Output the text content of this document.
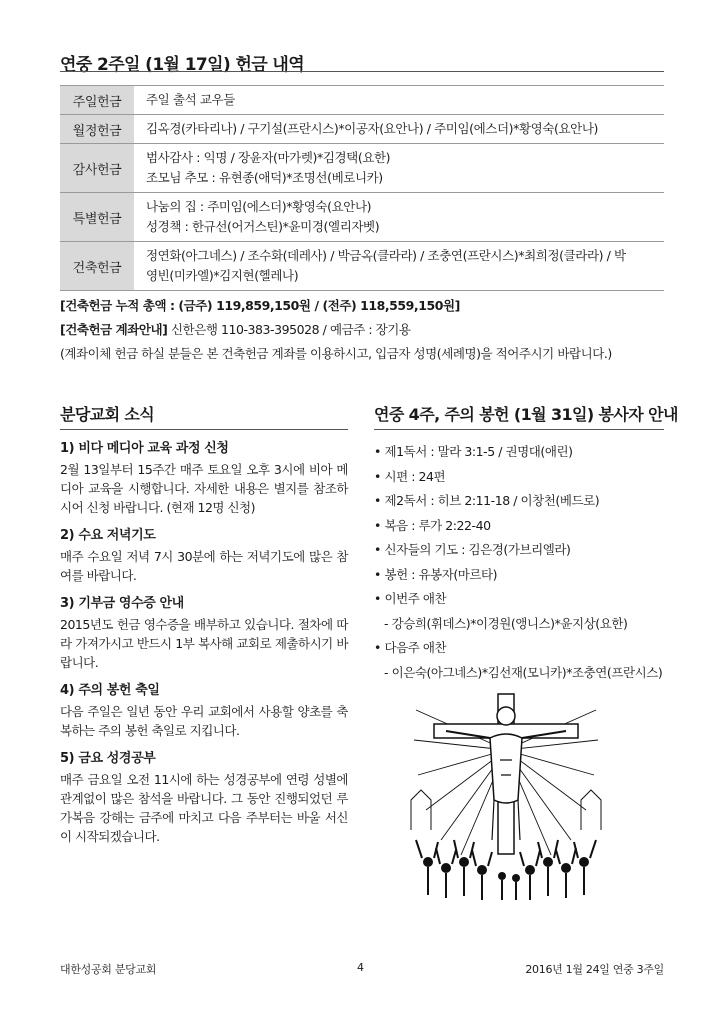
연중 2주일 (1월 17일) 헌금 내역
주일헌금	주일 출석 교우들

월정헌금	김옥경(카타리나) / 구기설(프란시스)*이공자(요안나) / 주미임(에스더)*황영숙(요안나)

감사헌금	범사감사 : 익명 / 장윤자(마가렛)*김경택(요한)
조모님 추모 : 유현종(애덕)*조명선(베로니카)

특별헌금	나눔의 집 : 주미임(에스더)*황영숙(요안나)
성경책 : 한규선(어거스틴)*윤미경(엘리자벳)

건축헌금	정연화(아그네스) / 조수화(데레사) / 박금옥(클라라) / 조충연(프란시스)*최희정(클라라) / 박
영빈(미카엘)*김지현(헬레나)
[건축헌금 누적 총액 : (금주) 119,859,150원 / (전주) 118,559,150원]
[건축헌금 계좌안내] 신한은행 110-383-395028 / 예금주 : 장기용
(계좌이체 헌금 하실 분들은 본 건축헌금 계좌를 이용하시고, 입금자 성명(세례명)을 적어주시기 바랍니다.)
분당교회 소식
1) 비다 메디아 교육 과정 신청
2월 13일부터 15주간 매주 토요일 오후 3시에 비아 메디아 교육을 시행합니다. 자세한 내용은 별지를 참조하시어 신청 바랍니다. (현재 12명 신청)
2) 수요 저녁기도
매주 수요일 저녁 7시 30분에 하는 저녁기도에 많은 참여를 바랍니다.
3) 기부금 영수증 안내
2015년도 헌금 영수증을 배부하고 있습니다. 절차에 따라 가져가시고 반드시 1부 복사해 교회로 제출하시기 바랍니다.
4) 주의 봉헌 축일
다음 주일은 일년 동안 우리 교회에서 사용할 양초를 축복하는 주의 봉헌 축일로 지킵니다.
5) 금요 성경공부
매주 금요일 오전 11시에 하는 성경공부에 연령 성별에 관계없이 많은 참석을 바랍니다. 그 동안 진행되었던 루가복음 강해는 금주에 마치고 다음 주부터는 바울 서신이 시작되겠습니다.
연중 4주, 주의 봉헌 (1월 31일) 봉사자 안내
• 제1독서 : 말라 3:1-5 / 권명대(애린)
• 시편 : 24편
• 제2독서 : 히브 2:11-18 / 이창천(베드로)
• 복음 : 루가 2:22-40
• 신자들의 기도 : 김은경(가브리엘라)
• 봉헌 : 유봉자(마르타)
• 이번주 애찬
- 강승희(휘데스)*이경원(앵니스)*윤지상(요한)
• 다음주 애찬
- 이은숙(아그네스)*김선재(모니카)*조충연(프란시스)
대한성공회 분당교회	4	2016년 1월 24일 연중 3주일
